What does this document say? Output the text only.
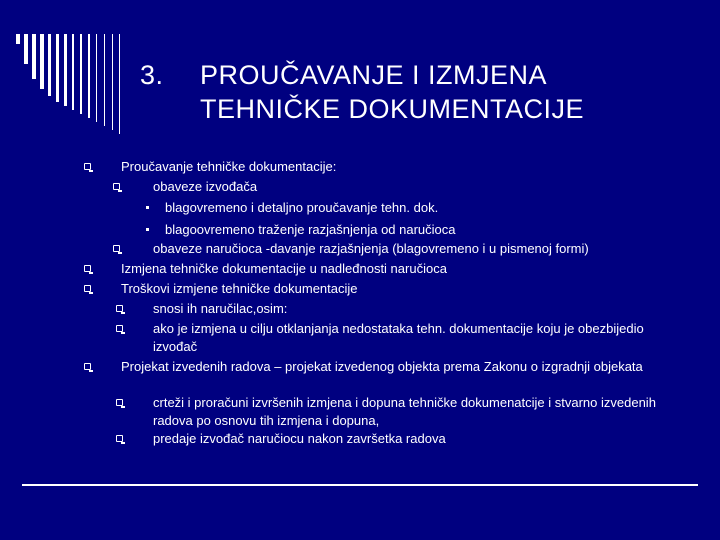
3. PROUČAVANJE I IZMJENA
TEHNIČKE DOKUMENTACIJE
Proučavanje tehničke dokumentacije:
obaveze izvođača
blagovremeno i detaljno proučavanje tehn. dok.
blagoovremeno traženje razjašnjenja od naručioca
obaveze naručioca -davanje razjašnjenja (blagovremeno i u pismenoj formi)
Izmjena tehničke dokumentacije u nadleđnosti naručioca
Troškovi izmjene tehničke dokumentacije
snosi ih naručilac,osim:
ako je izmjena u cilju otklanjanja nedostataka tehn. dokumentacije koju je obezbijedio izvođač
Projekat izvedenih radova – projekat izvedenog objekta prema Zakonu o izgradnji objekata
crteži i proračuni izvršenih izmjena i dopuna tehničke dokumenatcije i stvarno izvedenih radova po osnovu tih izmjena i dopuna,
predaje izvođač naručiocu nakon završetka radova
